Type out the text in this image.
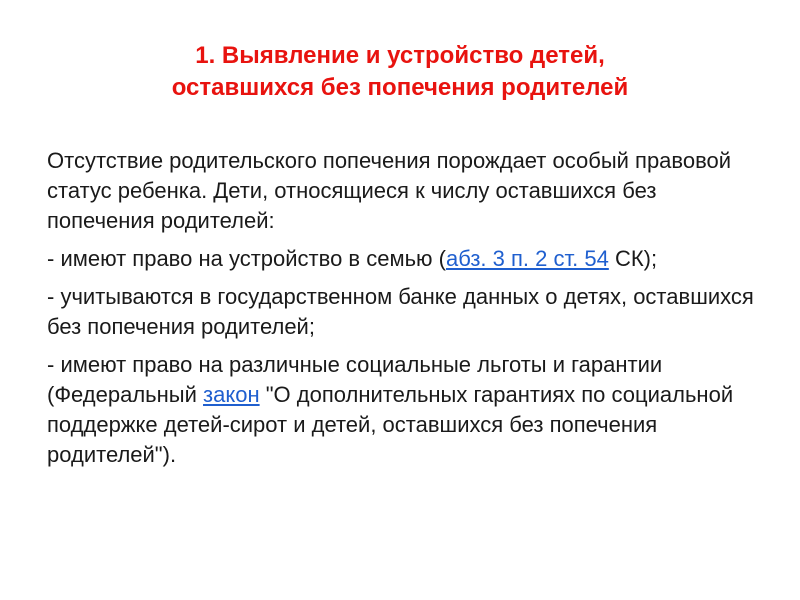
1. Выявление и устройство детей,
оставшихся без попечения родителей

Отсутствие родительского попечения порождает особый правовой статус ребенка. Дети, относящиеся к числу оставшихся без попечения родителей:

- имеют право на устройство в семью (абз. 3 п. 2 ст. 54 СК);

- учитываются в государственном банке данных о детях, оставшихся без попечения родителей;

- имеют право на различные социальные льготы и гарантии (Федеральный закон "О дополнительных гарантиях по социальной поддержке детей-сирот и детей, оставшихся без попечения родителей").
